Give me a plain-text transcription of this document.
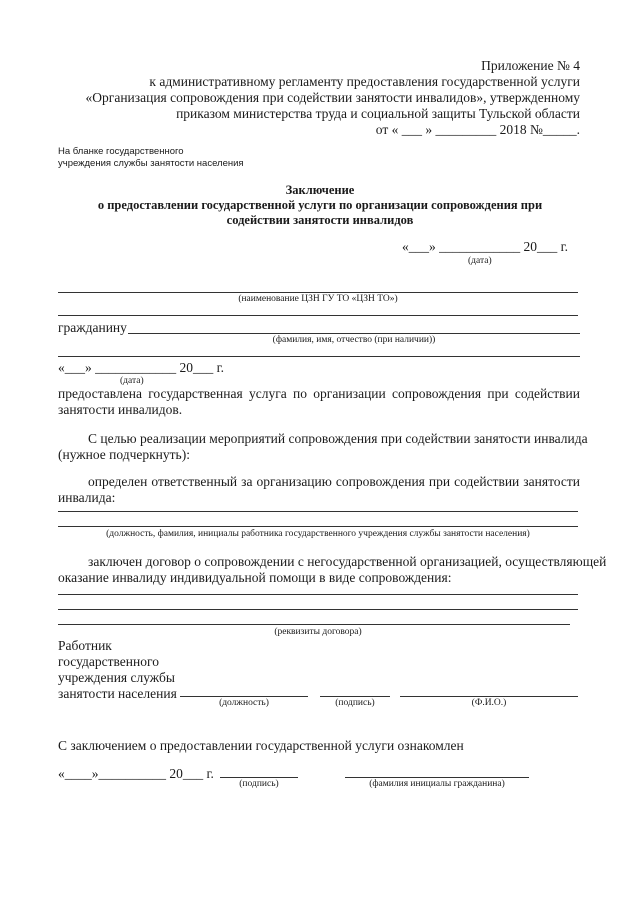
Приложение № 4
к административному регламенту предоставления государственной услуги
«Организация сопровождения при содействии занятости инвалидов», утвержденному
приказом министерства труда и социальной защиты Тульской области
от « ___ » _________ 2018 №_____.
На бланке государственного
учреждения службы занятости населения
Заключение
о предоставлении государственной услуги по организации сопровождения при
содействии занятости инвалидов
«___» ____________ 20___ г.
(дата)
(наименование ЦЗН ГУ ТО «ЦЗН ТО»)
гражданину
(фамилия, имя, отчество (при наличии))
«___» ____________ 20___ г.
(дата)
предоставлена государственная услуга по организации сопровождения при содействии
занятости инвалидов.
С целью реализации мероприятий сопровождения при содействии занятости инвалида
(нужное подчеркнуть):
определен ответственный за организацию сопровождения при содействии занятости
инвалида:
(должность, фамилия, инициалы работника государственного учреждения службы занятости населения)
заключен договор о сопровождении с негосударственной организацией, осуществляющей
оказание инвалиду индивидуальной помощи в виде сопровождения:
(реквизиты договора)
Работник
государственного
учреждения службы
занятости населения
(должность)	(подпись)	(Ф.И.О.)
С заключением о предоставлении государственной услуги ознакомлен
«____»__________ 20___ г.
(подпись)	(фамилия инициалы гражданина)
